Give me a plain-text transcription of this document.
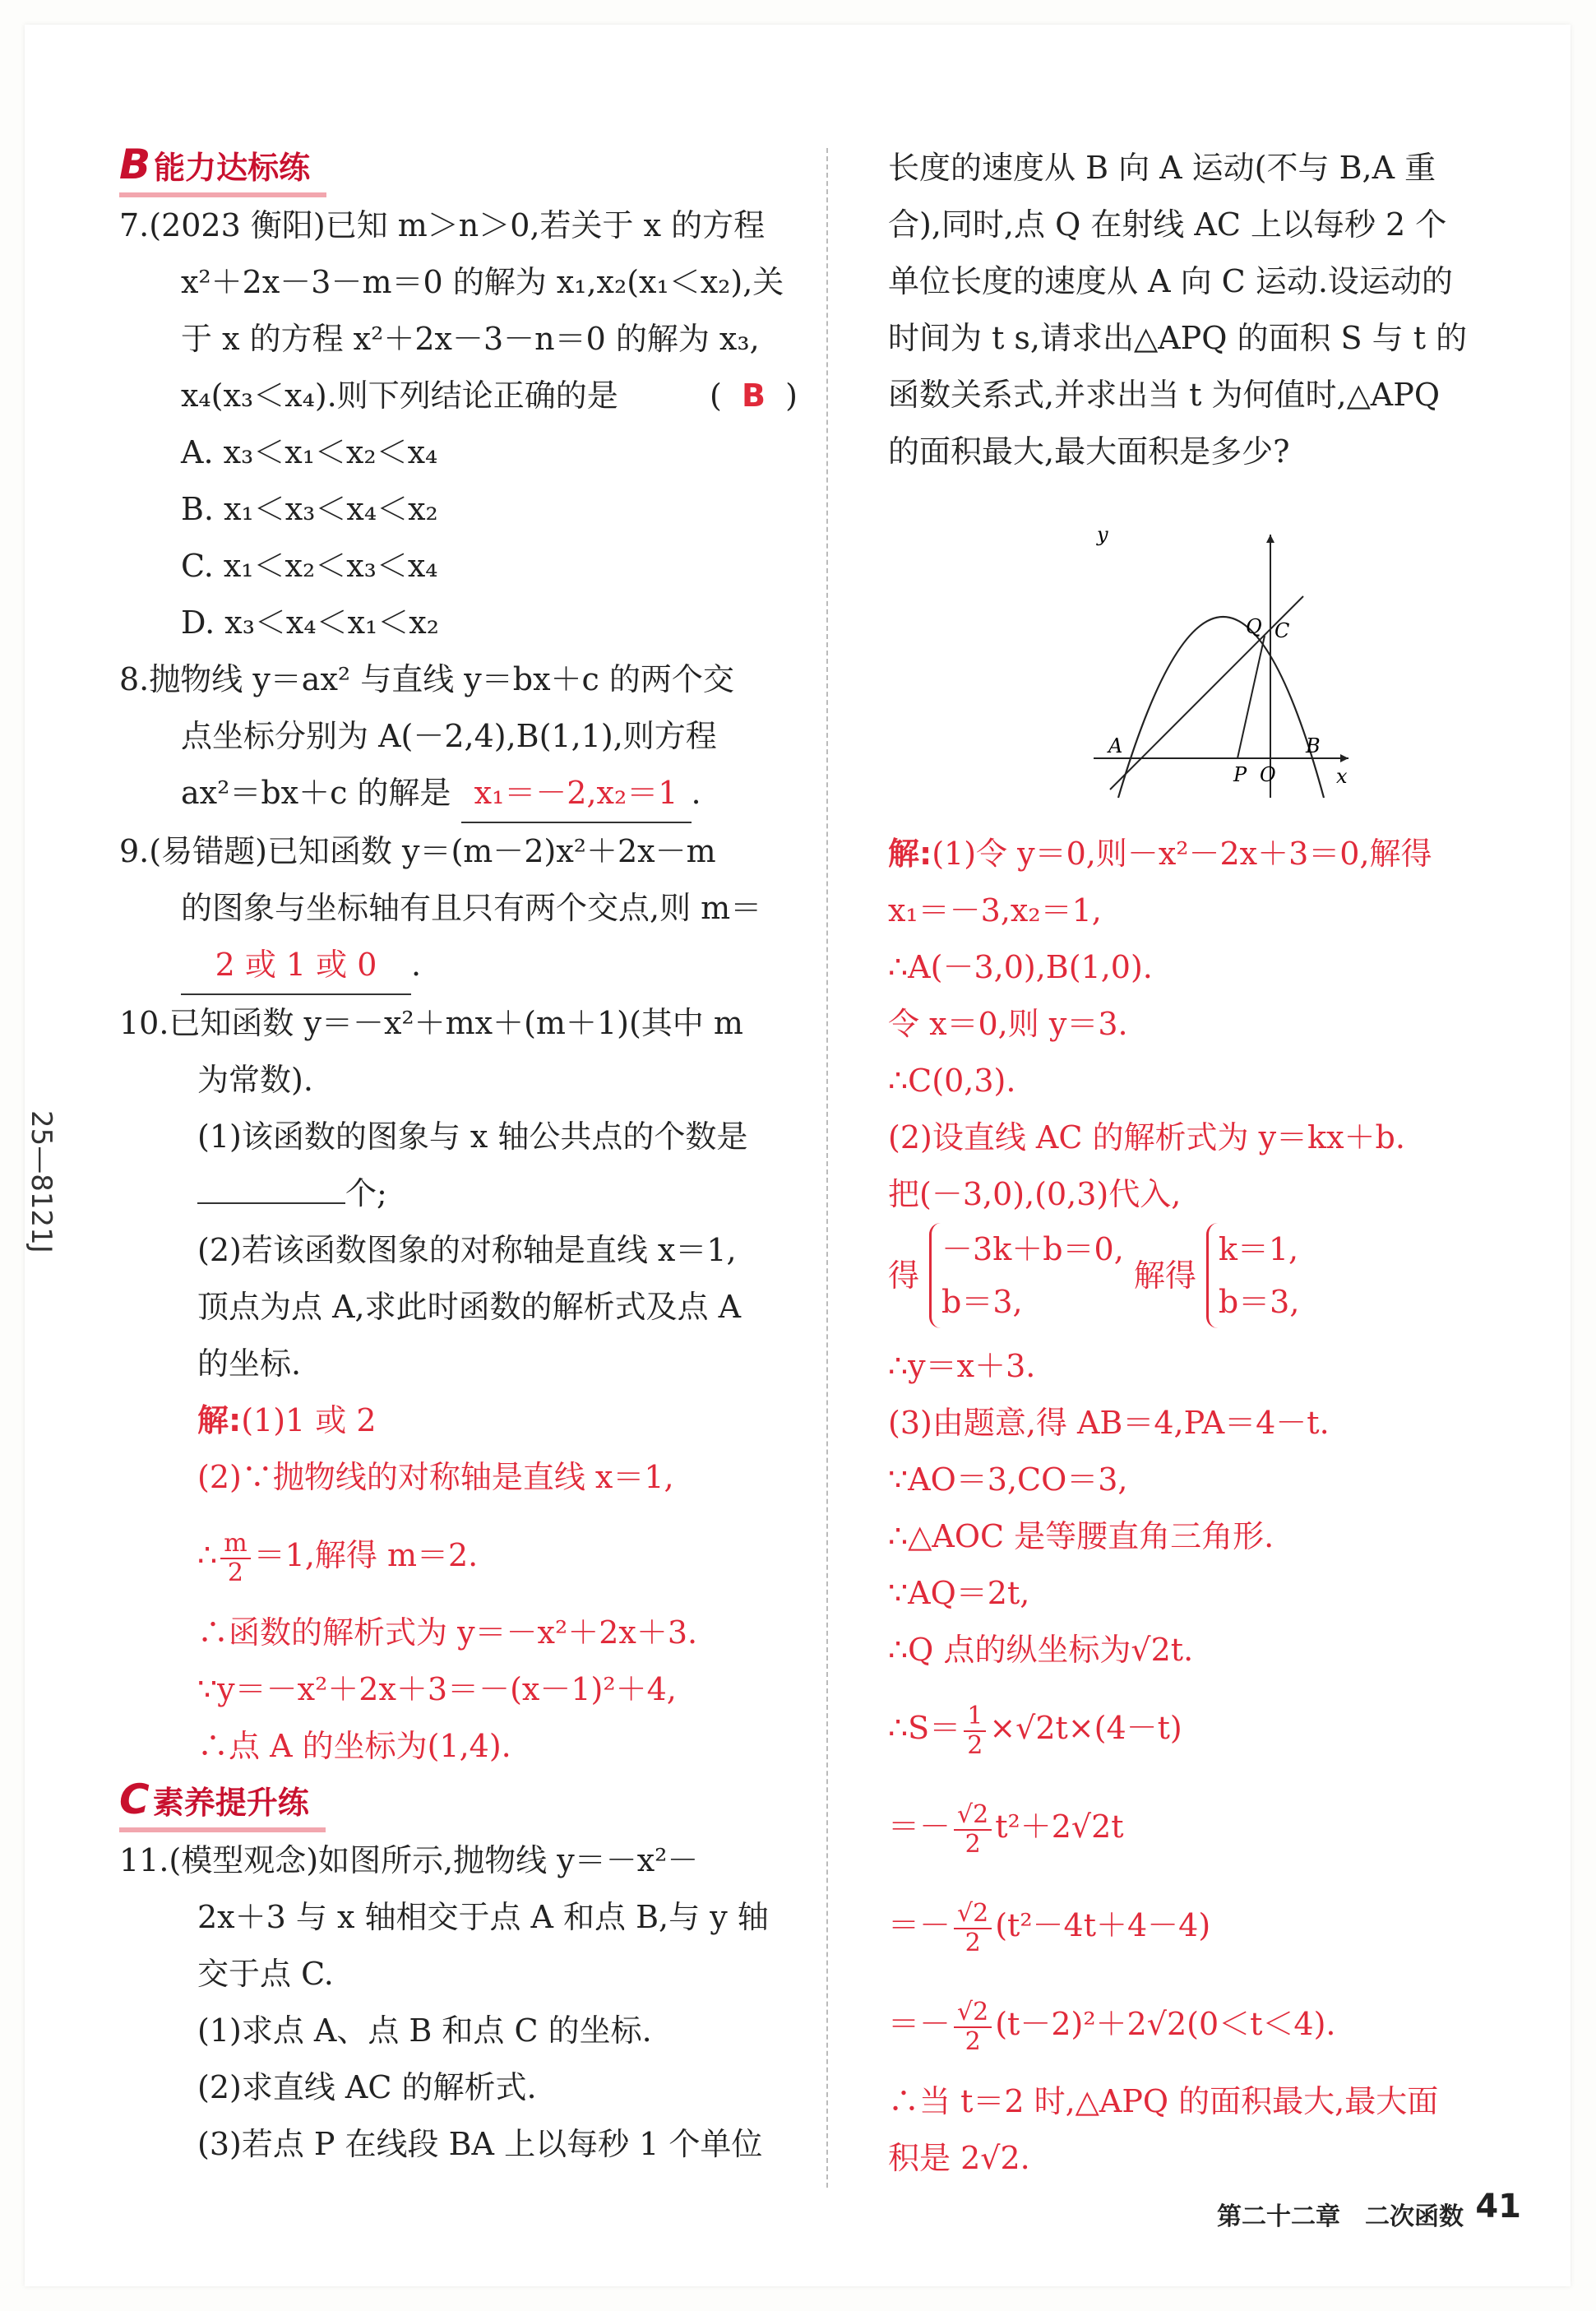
25—8121J
B 能力达标练
7.(2023 衡阳)已知 m＞n＞0,若关于 x 的方程
x²＋2x－3－m＝0 的解为 x₁,x₂(x₁＜x₂),关
于 x 的方程 x²＋2x－3－n＝0 的解为 x₃,
x₄(x₃＜x₄).则下列结论正确的是	( B )
A. x₃＜x₁＜x₂＜x₄
B. x₁＜x₃＜x₄＜x₂
C. x₁＜x₂＜x₃＜x₄
D. x₃＜x₄＜x₁＜x₂
8.抛物线 y＝ax² 与直线 y＝bx＋c 的两个交
点坐标分别为 A(－2,4),B(1,1),则方程
ax²＝bx＋c 的解是 x₁＝－2,x₂＝1 .
9.(易错题)已知函数 y＝(m－2)x²＋2x－m
的图象与坐标轴有且只有两个交点,则 m＝
2 或 1 或 0 .
10.已知函数 y＝－x²＋mx＋(m＋1)(其中 m
为常数).
(1)该函数的图象与 x 轴公共点的个数是
个;
(2)若该函数图象的对称轴是直线 x＝1,
顶点为点 A,求此时函数的解析式及点 A
的坐标.
解:(1)1 或 2
(2)∵抛物线的对称轴是直线 x＝1,
∴ $\frac{m}{2} =1$,解得 m＝2.
∴函数的解析式为 y＝－x²＋2x＋3.
∵y＝－x²＋2x＋3＝－(x－1)²＋4,
∴点 A 的坐标为(1,4).
C 素养提升练
11.(模型观念)如图所示,抛物线 y＝－x²－
2x＋3 与 x 轴相交于点 A 和点 B,与 y 轴
交于点 C.
(1)求点 A、点 B 和点 C 的坐标.
(2)求直线 AC 的解析式.
(3)若点 P 在线段 BA 上以每秒 1 个单位
长度的速度从 B 向 A 运动(不与 B,A 重
合),同时,点 Q 在射线 AC 上以每秒 2 个
单位长度的速度从 A 向 C 运动.设运动的
时间为 t s,请求出△APQ 的面积 S 与 t 的
函数关系式,并求出当 t 为何值时,△APQ
的面积最大,最大面积是多少?
解:(1)令 y＝0,则－x²－2x＋3＝0,解得
x₁＝－3,x₂＝1,
∴A(－3,0),B(1,0).
令 x＝0,则 y＝3.
∴C(0,3).
(2)设直线 AC 的解析式为 y＝kx＋b.
把(－3,0),(0,3)代入,
得
－3k＋b＝0,
b＝3,
解得
k＝1,
b＝3,
∴y＝x＋3.
(3)由题意,得 AB＝4,PA＝4－t.
∵AO＝3,CO＝3,
∴△AOC 是等腰直角三角形.
∵AQ＝2t,
∴Q 点的纵坐标为√2t.
∴S＝ $\frac{1}{2} \times√2t\times(4-t)$
＝－ $\frac{√2}{2} t^2+2√2t$
＝－ $\frac{√2}{2} (t^2-4t+4-4)$
＝－ $\frac{√2}{2} (t-2)^2+2√2(0<t<4)$.
∴当 t＝2 时,△APQ 的面积最大,最大面
积是 2√2.
y
x
A	B
C
Q
P O
第二十二章　二次函数 41
